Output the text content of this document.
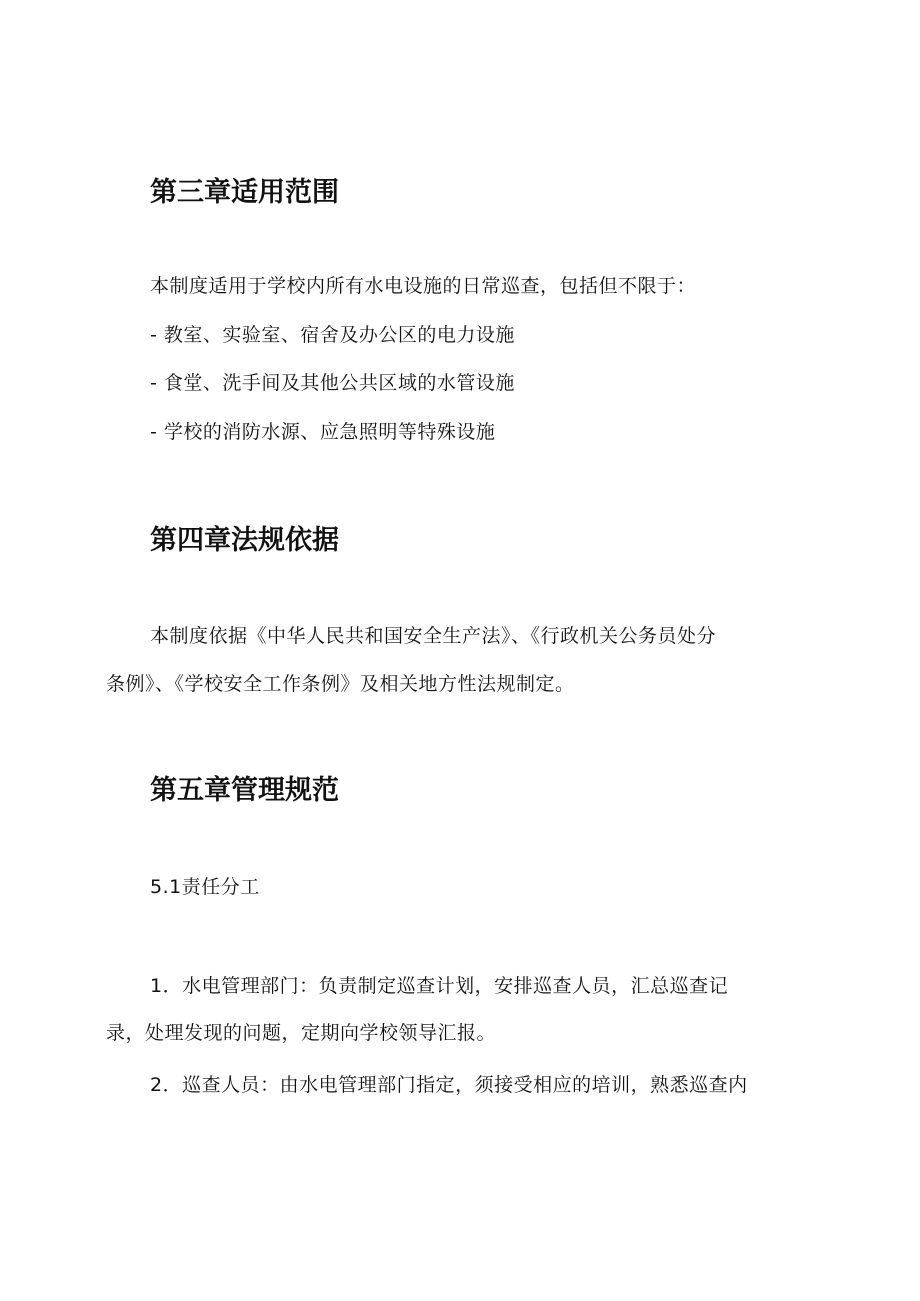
第三章适用范围
本制度适用于学校内所有水电设施的日常巡查，包括但不限于：
- 教室、实验室、宿舍及办公区的电力设施
- 食堂、洗手间及其他公共区域的水管设施
- 学校的消防水源、应急照明等特殊设施
第四章法规依据
本制度依据《中华人民共和国安全生产法》、《行政机关公务员处分
条例》、《学校安全工作条例》及相关地方性法规制定。
第五章管理规范
5.1责任分工
1．水电管理部门：负责制定巡查计划，安排巡查人员，汇总巡查记
录，处理发现的问题，定期向学校领导汇报。
2．巡查人员：由水电管理部门指定，须接受相应的培训，熟悉巡查内
